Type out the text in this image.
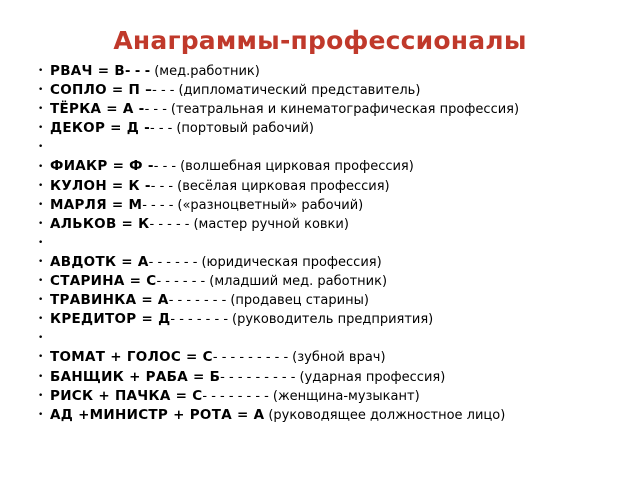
Анаграммы-профессионалы
• РВАЧ = В - - - (мед.работник)
• СОПЛО = П – - - - (дипломатический представитель)
• ТЁРКА = А - - - - (театральная и кинематографическая профессия)
• ДЕКОР = Д - - - - (портовый рабочий)
•
• ФИАКР = Ф - - - - (волшебная цирковая профессия)
• КУЛОН = К - - - - (весёлая цирковая профессия)
• МАРЛЯ = М - - - - («разноцветный» рабочий)
• АЛЬКОВ = К - - - - - (мастер ручной ковки)
•
• АВДОТК = А - - - - - - (юридическая профессия)
• СТАРИНА = С - - - - - - (младший мед. работник)
• ТРАВИНКА = А - - - - - - - (продавец старины)
• КРЕДИТОР = Д - - - - - - - (руководитель предприятия)
•
• ТОМАТ + ГОЛОС = С - - - - - - - - - (зубной врач)
• БАНЩИК + РАБА = Б - - - - - - - - - (ударная профессия)
• РИСК + ПАЧКА = С - - - - - - - - (женщина-музыкант)
• АД +МИНИСТР + РОТА = А (руководящее должностное лицо)
